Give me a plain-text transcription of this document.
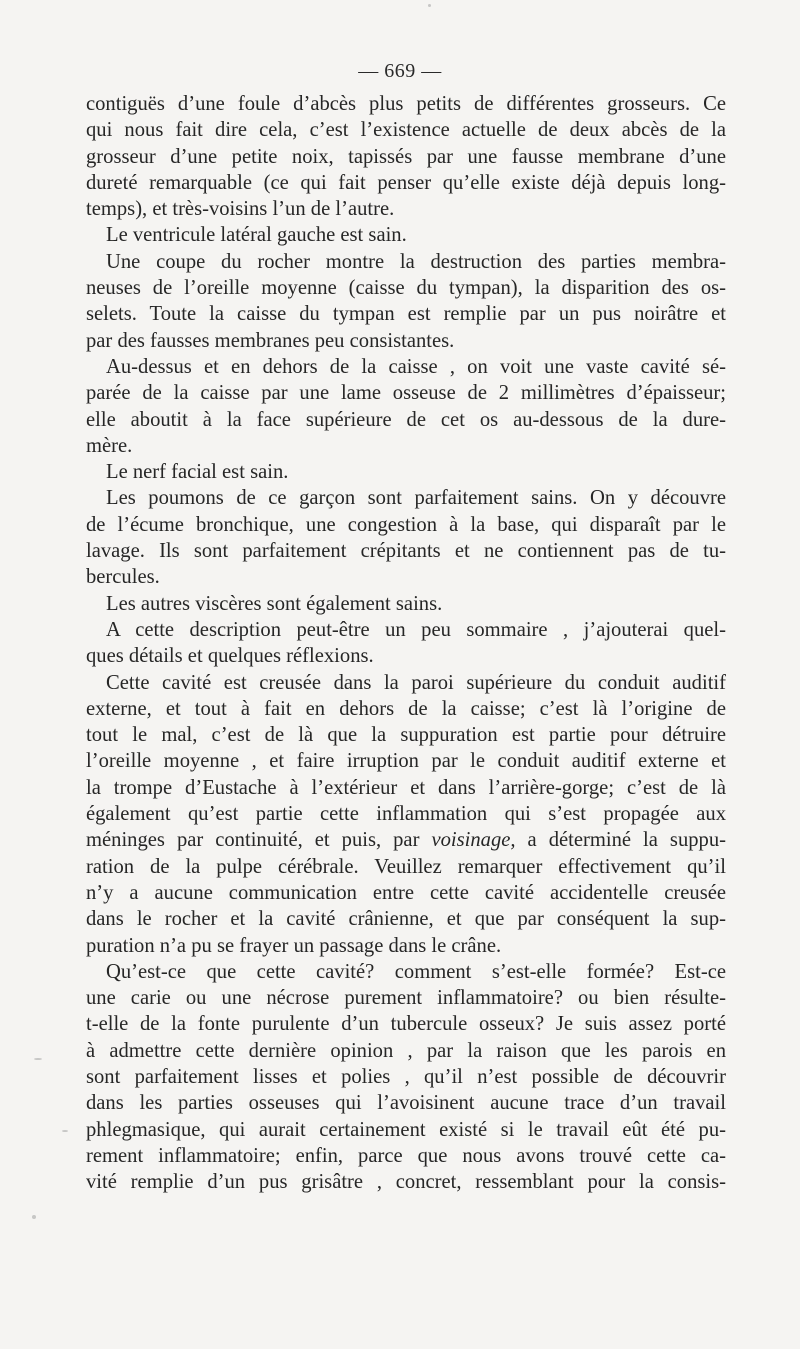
— 669 —
contiguës d’une foule d’abcès plus petits de différentes grosseurs. Ce
qui nous fait dire cela, c’est l’existence actuelle de deux abcès de la
grosseur d’une petite noix, tapissés par une fausse membrane d’une
dureté remarquable (ce qui fait penser qu’elle existe déjà depuis long-
temps), et très-voisins l’un de l’autre.
Le ventricule latéral gauche est sain.
Une coupe du rocher montre la destruction des parties membra-
neuses de l’oreille moyenne (caisse du tympan), la disparition des os-
selets. Toute la caisse du tympan est remplie par un pus noirâtre et
par des fausses membranes peu consistantes.
Au-dessus et en dehors de la caisse , on voit une vaste cavité sé-
parée de la caisse par une lame osseuse de 2 millimètres d’épaisseur;
elle aboutit à la face supérieure de cet os au-dessous de la dure-
mère.
Le nerf facial est sain.
Les poumons de ce garçon sont parfaitement sains. On y découvre
de l’écume bronchique, une congestion à la base, qui disparaît par le
lavage. Ils sont parfaitement crépitants et ne contiennent pas de tu-
bercules.
Les autres viscères sont également sains.
A cette description peut-être un peu sommaire , j’ajouterai quel-
ques détails et quelques réflexions.
Cette cavité est creusée dans la paroi supérieure du conduit auditif
externe, et tout à fait en dehors de la caisse; c’est là l’origine de
tout le mal, c’est de là que la suppuration est partie pour détruire
l’oreille moyenne , et faire irruption par le conduit auditif externe et
la trompe d’Eustache à l’extérieur et dans l’arrière-gorge; c’est de là
également qu’est partie cette inflammation qui s’est propagée aux
méninges par continuité, et puis, par voisinage, a déterminé la suppu-
ration de la pulpe cérébrale. Veuillez remarquer effectivement qu’il
n’y a aucune communication entre cette cavité accidentelle creusée
dans le rocher et la cavité crânienne, et que par conséquent la sup-
puration n’a pu se frayer un passage dans le crâne.
Qu’est-ce que cette cavité? comment s’est-elle formée? Est-ce
une carie ou une nécrose purement inflammatoire? ou bien résulte-
t-elle de la fonte purulente d’un tubercule osseux? Je suis assez porté
à admettre cette dernière opinion , par la raison que les parois en
sont parfaitement lisses et polies , qu’il n’est possible de découvrir
dans les parties osseuses qui l’avoisinent aucune trace d’un travail
phlegmasique, qui aurait certainement existé si le travail eût été pu-
rement inflammatoire; enfin, parce que nous avons trouvé cette ca-
vité remplie d’un pus grisâtre , concret, ressemblant pour la consis-
